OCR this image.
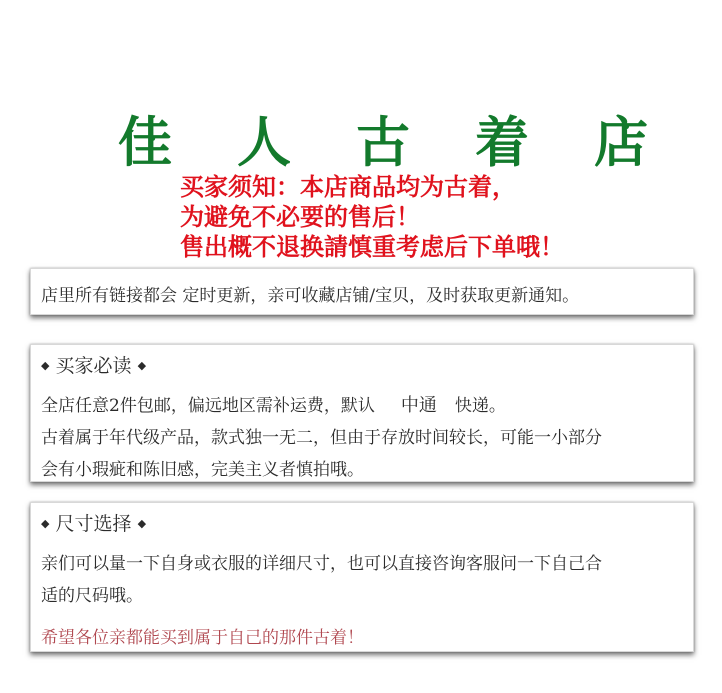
佳 人 古 着 店
买家须知：本店商品均为古着，
为避免不必要的售后！
售出概不退换請慎重考虑后下单哦！
店里所有链接都会 定时更新，亲可收藏店铺/宝贝，及时获取更新通知。
◆ 买家必读 ◆
全店任意2件包邮，偏远地区需补运费，默认 中通 快递。
古着属于年代级产品，款式独一无二，但由于存放时间较长，可能一小部分
会有小瑕疵和陈旧感，完美主义者慎拍哦。
◆ 尺寸选择 ◆
亲们可以量一下自身或衣服的详细尺寸，也可以直接咨询客服问一下自己合
适的尺码哦。
希望各位亲都能买到属于自己的那件古着！
